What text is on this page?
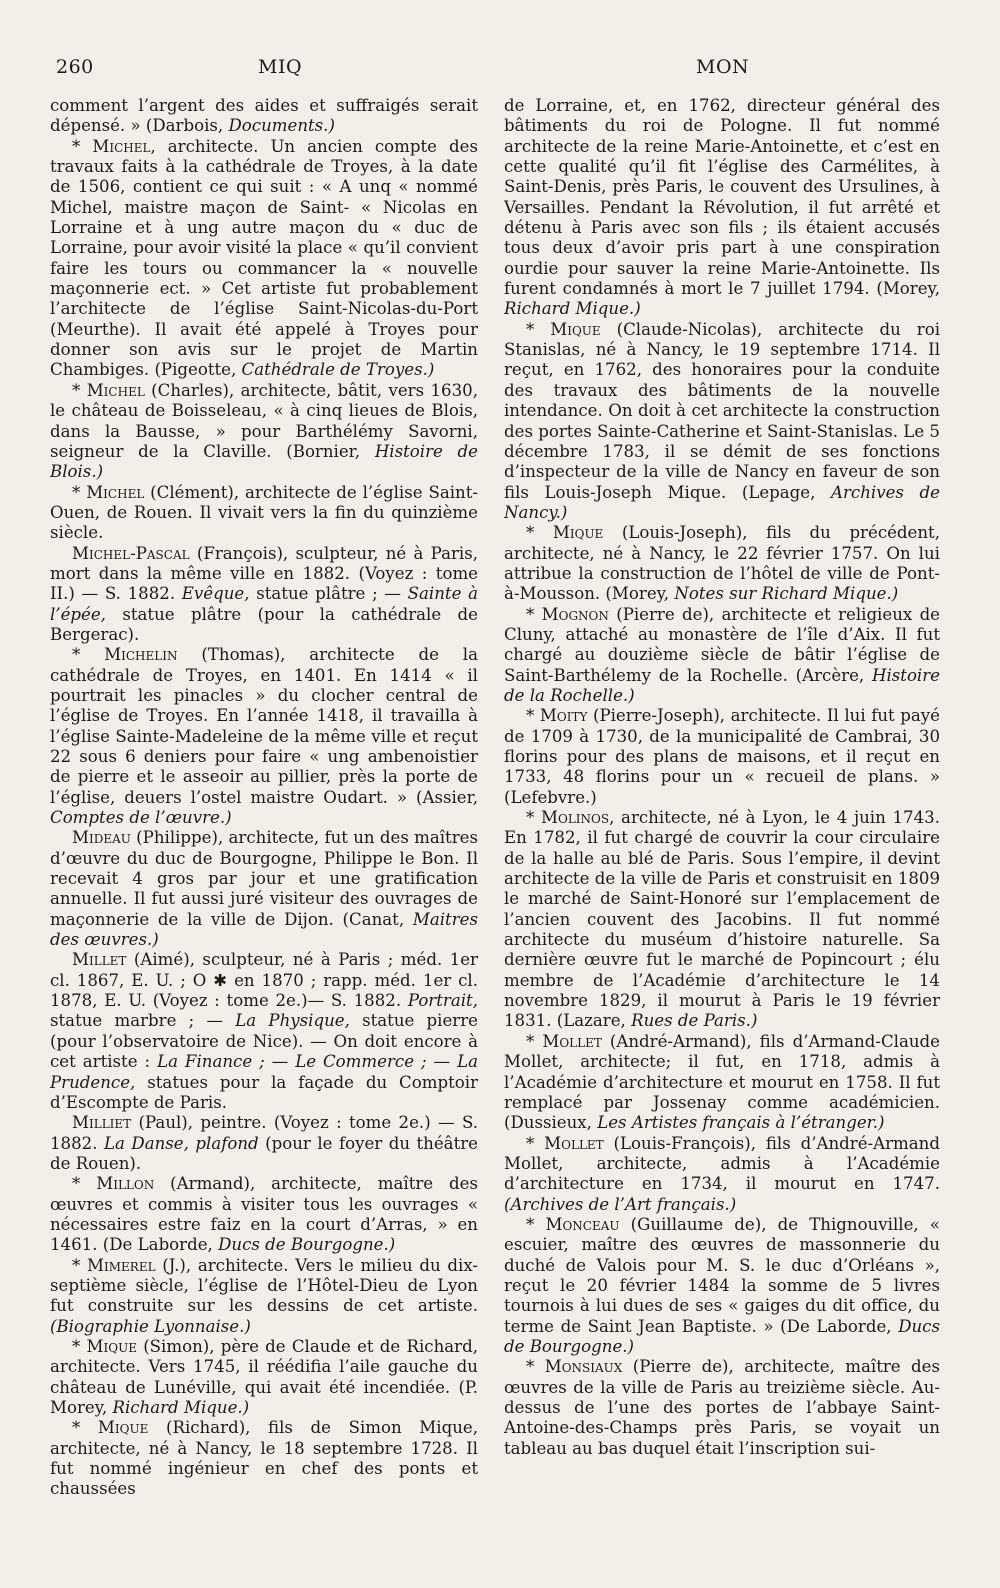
260	MIQ	MON

comment l’argent des aides et suffraigés serait dépensé. » (Darbois, Documents.)

* Michel, architecte. Un ancien compte des travaux faits à la cathédrale de Troyes, à la date de 1506, contient ce qui suit : « A unq « nommé Michel, maistre maçon de Saint- « Nicolas en Lorraine et à ung autre maçon du « duc de Lorraine, pour avoir visité la place « qu’il convient faire les tours ou commancer la « nouvelle maçonnerie ect. » Cet artiste fut probablement l’architecte de l’église Saint-Nicolas-du-Port (Meurthe). Il avait été appelé à Troyes pour donner son avis sur le projet de Martin Chambiges. (Pigeotte, Cathédrale de Troyes.)

* Michel (Charles), architecte, bâtit, vers 1630, le château de Boisseleau, « à cinq lieues de Blois, dans la Bausse, » pour Barthélémy Savorni, seigneur de la Claville. (Bornier, Histoire de Blois.)

* Michel (Clément), architecte de l’église Saint-Ouen, de Rouen. Il vivait vers la fin du quinzième siècle.

Michel-Pascal (François), sculpteur, né à Paris, mort dans la même ville en 1882. (Voyez : tome II.) — S. 1882. Evêque, statue plâtre ; — Sainte à l’épée, statue plâtre (pour la cathédrale de Bergerac).

* Michelin (Thomas), architecte de la cathédrale de Troyes, en 1401. En 1414 « il pourtrait les pinacles » du clocher central de l’église de Troyes. En l’année 1418, il travailla à l’église Sainte-Madeleine de la même ville et reçut 22 sous 6 deniers pour faire « ung ambenoistier de pierre et le asseoir au pillier, près la porte de l’église, deuers l’ostel maistre Oudart. » (Assier, Comptes de l’œuvre.)

Mideau (Philippe), architecte, fut un des maîtres d’œuvre du duc de Bourgogne, Philippe le Bon. Il recevait 4 gros par jour et une gratification annuelle. Il fut aussi juré visiteur des ouvrages de maçonnerie de la ville de Dijon. (Canat, Maitres des œuvres.)

Millet (Aimé), sculpteur, né à Paris ; méd. 1er cl. 1867, E. U. ; O ✱ en 1870 ; rapp. méd. 1er cl. 1878, E. U. (Voyez : tome 2e.)— S. 1882. Portrait, statue marbre ; — La Physique, statue pierre (pour l’observatoire de Nice). — On doit encore à cet artiste : La Finance ; — Le Commerce ; — La Prudence, statues pour la façade du Comptoir d’Escompte de Paris.

Milliet (Paul), peintre. (Voyez : tome 2e.) — S. 1882. La Danse, plafond (pour le foyer du théâtre de Rouen).

* Millon (Armand), architecte, maître des œuvres et commis à visiter tous les ouvrages « nécessaires estre faiz en la court d’Arras, » en 1461. (De Laborde, Ducs de Bourgogne.)

* Mimerel (J.), architecte. Vers le milieu du dix-septième siècle, l’église de l’Hôtel-Dieu de Lyon fut construite sur les dessins de cet artiste. (Biographie Lyonnaise.)

* Mique (Simon), père de Claude et de Richard, architecte. Vers 1745, il réédifia l’aile gauche du château de Lunéville, qui avait été incendiée. (P. Morey, Richard Mique.)

* Mique (Richard), fils de Simon Mique, architecte, né à Nancy, le 18 septembre 1728. Il fut nommé ingénieur en chef des ponts et chaussées

de Lorraine, et, en 1762, directeur général des bâtiments du roi de Pologne. Il fut nommé architecte de la reine Marie-Antoinette, et c’est en cette qualité qu’il fit l’église des Carmélites, à Saint-Denis, près Paris, le couvent des Ursulines, à Versailles. Pendant la Révolution, il fut arrêté et détenu à Paris avec son fils ; ils étaient accusés tous deux d’avoir pris part à une conspiration ourdie pour sauver la reine Marie-Antoinette. Ils furent condamnés à mort le 7 juillet 1794. (Morey, Richard Mique.)

* Mique (Claude-Nicolas), architecte du roi Stanislas, né à Nancy, le 19 septembre 1714. Il reçut, en 1762, des honoraires pour la conduite des travaux des bâtiments de la nouvelle intendance. On doit à cet architecte la construction des portes Sainte-Catherine et Saint-Stanislas. Le 5 décembre 1783, il se démit de ses fonctions d’inspecteur de la ville de Nancy en faveur de son fils Louis-Joseph Mique. (Lepage, Archives de Nancy.)

* Mique (Louis-Joseph), fils du précédent, architecte, né à Nancy, le 22 février 1757. On lui attribue la construction de l’hôtel de ville de Pont-à-Mousson. (Morey, Notes sur Richard Mique.)

* Mognon (Pierre de), architecte et religieux de Cluny, attaché au monastère de l’île d’Aix. Il fut chargé au douzième siècle de bâtir l’église de Saint-Barthélemy de la Rochelle. (Arcère, Histoire de la Rochelle.)

* Moity (Pierre-Joseph), architecte. Il lui fut payé de 1709 à 1730, de la municipalité de Cambrai, 30 florins pour des plans de maisons, et il reçut en 1733, 48 florins pour un « recueil de plans. » (Lefebvre.)

* Molinos, architecte, né à Lyon, le 4 juin 1743. En 1782, il fut chargé de couvrir la cour circulaire de la halle au blé de Paris. Sous l’empire, il devint architecte de la ville de Paris et construisit en 1809 le marché de Saint-Honoré sur l’emplacement de l’ancien couvent des Jacobins. Il fut nommé architecte du muséum d’histoire naturelle. Sa dernière œuvre fut le marché de Popincourt ; élu membre de l’Académie d’architecture le 14 novembre 1829, il mourut à Paris le 19 février 1831. (Lazare, Rues de Paris.)

* Mollet (André-Armand), fils d’Armand-Claude Mollet, architecte; il fut, en 1718, admis à l’Académie d’architecture et mourut en 1758. Il fut remplacé par Jossenay comme académicien. (Dussieux, Les Artistes français à l’étranger.)

* Mollet (Louis-François), fils d’André-Armand Mollet, architecte, admis à l’Académie d’architecture en 1734, il mourut en 1747. (Archives de l’Art français.)

* Monceau (Guillaume de), de Thignouville, « escuier, maître des œuvres de massonnerie du duché de Valois pour M. S. le duc d’Orléans », reçut le 20 février 1484 la somme de 5 livres tournois à lui dues de ses « gaiges du dit office, du terme de Saint Jean Baptiste. » (De Laborde, Ducs de Bourgogne.)

* Monsiaux (Pierre de), architecte, maître des œuvres de la ville de Paris au treizième siècle. Au-dessus de l’une des portes de l’abbaye Saint-Antoine-des-Champs près Paris, se voyait un tableau au bas duquel était l’inscription sui-
